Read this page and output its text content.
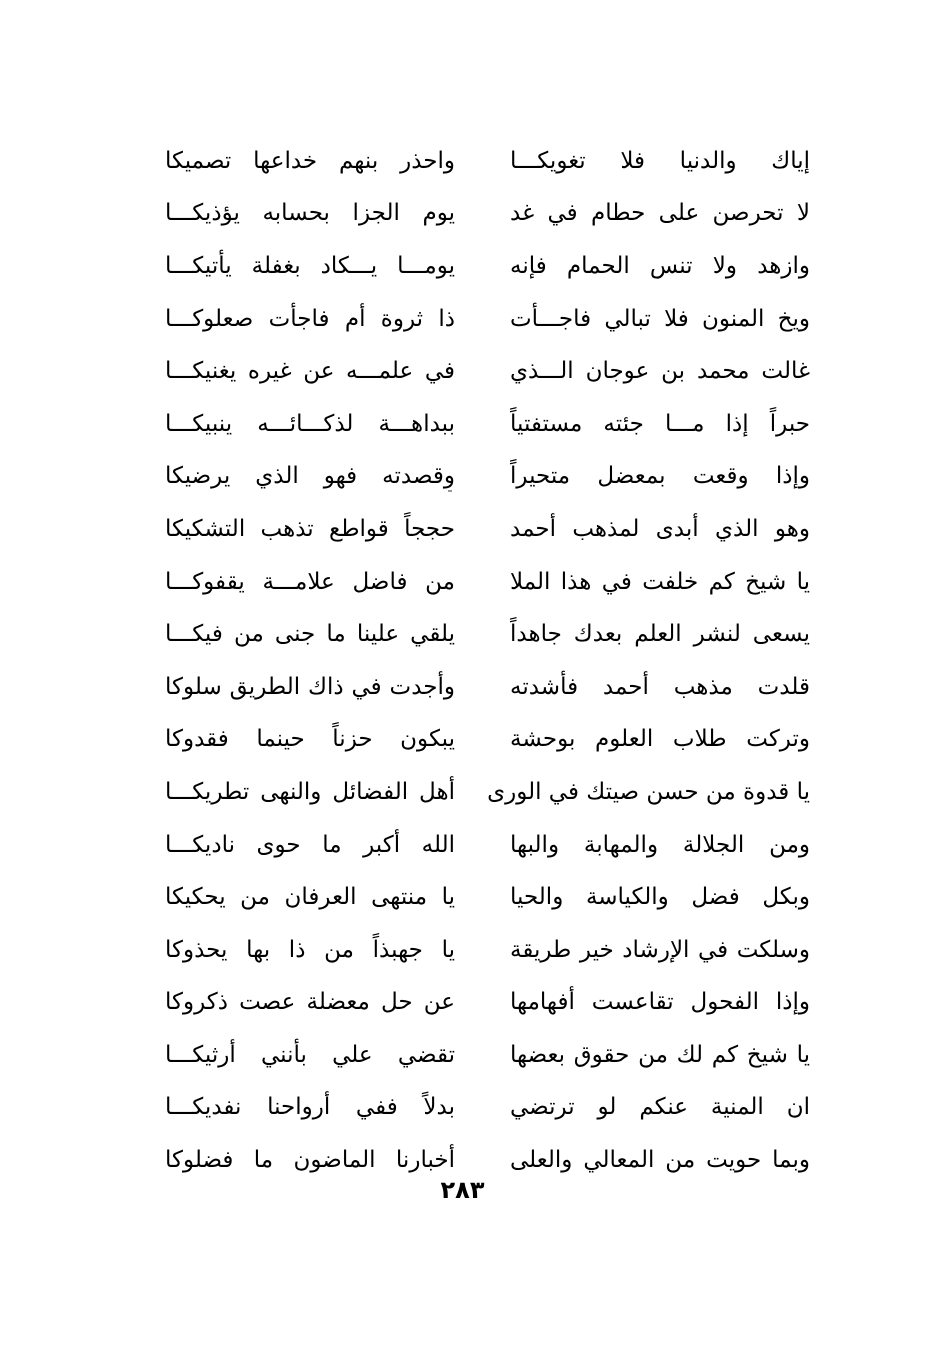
إياك والدنيا فلا تغويكـــا
واحذر بنهم خداعها تصميكا
لا تحرصن على حطام في غد
يوم الجزا بحسابه يؤذيكـــا
وازهد ولا تنس الحمام فإنه
يومـــا يـــكاد بغفلة يأتيكـــا
ويخ المنون فلا تبالي فاجـــأت
ذا ثروة أم فاجأت صعلوكـــا
غالت محمد بن عوجان الـــذي
في علمـــه عن غيره يغنيكـــا
حبراً إذا مـــا جئته مستفتياً
ببداهـــة لذكـــائـــه ينبيكـــا
وإذا وقعت بمعضل متحيراً
وقصدته فهو الذي يرضيكا
وهو الذي أبدى لمذهب أحمد
حججاً قواطع تذهب التشكيكا
يا شيخ كم خلفت في هذا الملا
من فاضل علامـــة يقفوكـــا
يسعى لنشر العلم بعدك جاهداً
يلقي علينا ما جنى من فيكـــا
قلدت مذهب أحمد فأشدته
وأجدت في ذاك الطريق سلوكا
وتركت طلاب العلوم بوحشة
يبكون حزناً حينما فقدوكا
يا قدوة من حسن صيتك في الورى
أهل الفضائل والنهى تطريكـــا
ومن الجلالة والمهابة والبها
الله أكبر ما حوى ناديكـــا
وبكل فضل والكياسة والحيا
يا منتهى العرفان من يحكيكا
وسلكت في الإرشاد خير طريقة
يا جهبذاً من ذا بها يحذوكا
وإذا الفحول تقاعست أفهامها
عن حل معضلة عصت ذكروكا
يا شيخ كم لك من حقوق بعضها
تقضي علي بأنني أرثيكـــا
ان المنية عنكم لو ترتضي
بدلاً ففي أرواحنا نفديكـــا
وبما حويت من المعالي والعلى
أخبارنا الماضون ما فضلوكا
٢٨٣
